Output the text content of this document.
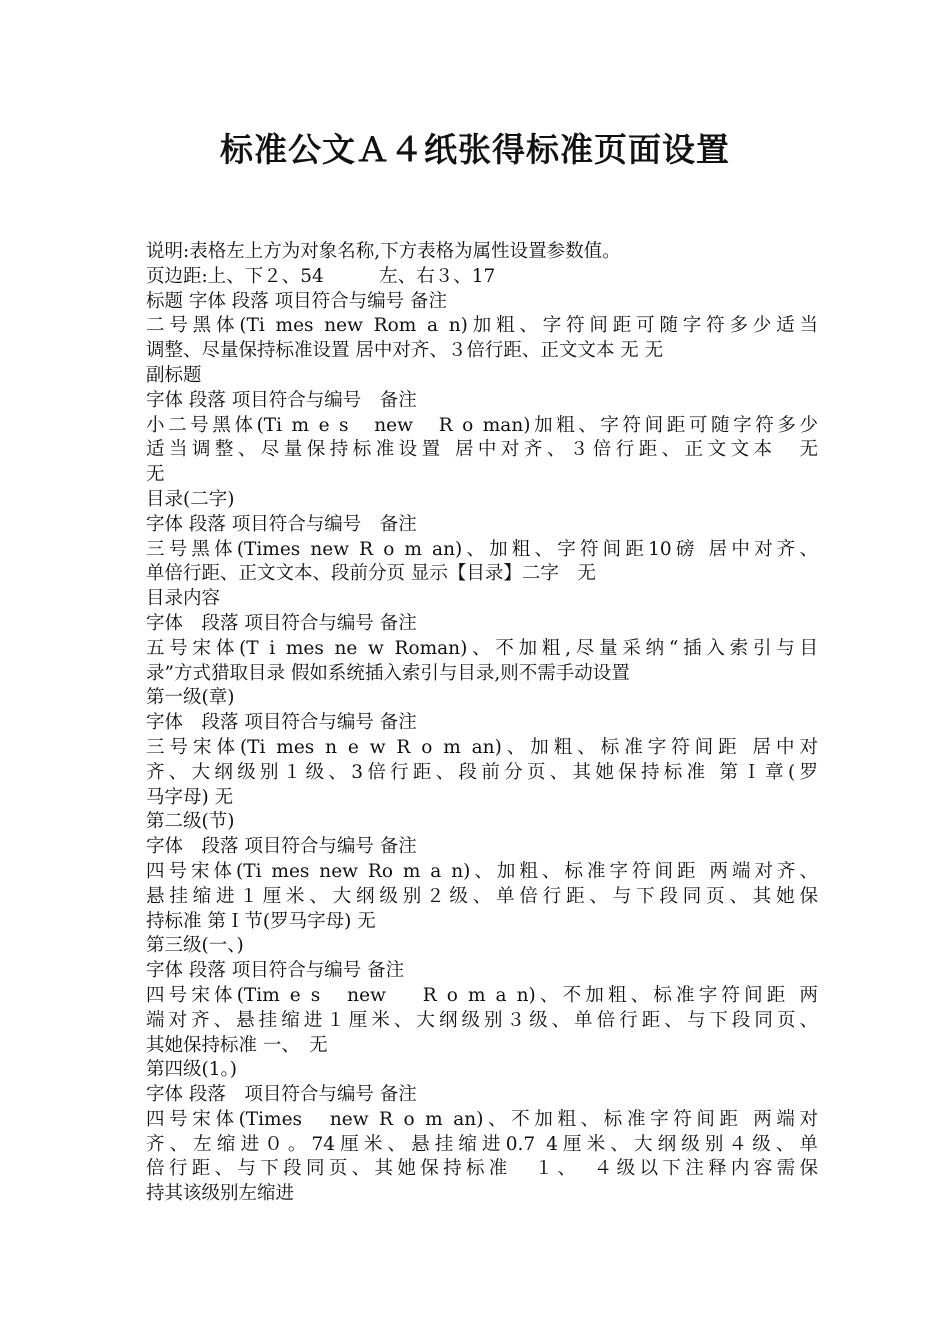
标准公文Ａ４纸张得标准页面设置
说明:表格左上方为对象名称,下方表格为属性设置参数值。
页边距:上、下２、54　　　左、右３、17
标题 字体 段落 项目符合与编号 备注
二号黑体(Ti mes new Rom a n)加粗、字符间距可随字符多少适当
调整、尽量保持标准设置 居中对齐、３倍行距、正文文本 无 无
副标题
字体 段落 项目符合与编号　备注
小二号黑体(Ti m e s　new　R o man)加粗、字符间距可随字符多少
适当调整、尽量保持标准设置 居中对齐、３倍行距、正文文本　无
无
目录(二字)
字体 段落 项目符合与编号　备注
三号黑体(Times new R o m an)、加粗、字符间距10磅 居中对齐、
单倍行距、正文文本、段前分页 显示【目录】二字　无
目录内容
字体　段落 项目符合与编号 备注
五号宋体(T i mes ne w Roman)、不加粗,尽量采纳“插入索引与目
录”方式猎取目录 假如系统插入索引与目录,则不需手动设置
第一级(章)
字体　段落 项目符合与编号 备注
三号宋体(Ti mes n e w R o m an)、加粗、标准字符间距 居中对
齐、大纲级别１级、3倍行距、段前分页、其她保持标准 第Ｉ章(罗
马字母) 无
第二级(节)
字体　段落 项目符合与编号 备注
四号宋体(Ti mes new Ro m a n)、加粗、标准字符间距 两端对齐、
悬挂缩进１厘米、大纲级别２级、单倍行距、与下段同页、其她保
持标准 第Ｉ节(罗马字母) 无
第三级(一、)
字体 段落 项目符合与编号 备注
四号宋体(Tim e s　new　 R o m a n)、不加粗、标准字符间距 两
端对齐、悬挂缩进１厘米、大纲级别３级、单倍行距、与下段同页、
其她保持标准 一、　无
第四级(1。)
字体 段落　项目符合与编号 备注
四号宋体(Times　new R o m an)、不加粗、标准字符间距 两端对
齐、左缩进０。74厘米、悬挂缩进0.7 4厘米、大纲级别４级、单
倍行距、与下段同页、其她保持标准　１、　４级以下注释内容需保
持其该级别左缩进
